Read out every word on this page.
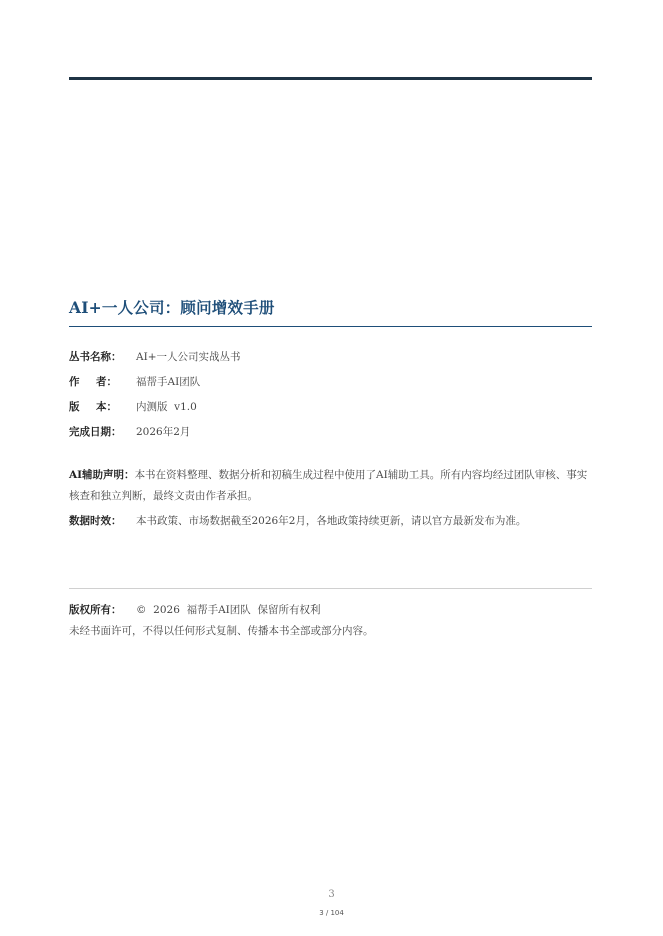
AI+一人公司：顾问增效手册
丛书名称：	AI+一人公司实战丛书
作 者： 福帮手AI团队
版 本： 内测版  v1.0
完成日期：	2026年2月
AI辅助声明：本书在资料整理、数据分析和初稿生成过程中使用了AI辅助工具。所有内容均经过团队审核、事实核查和独立判断，最终文责由作者承担。
数据时效：	本书政策、市场数据截至2026年2月，各地政策持续更新，请以官方最新发布为准。
版权所有： ©  2026  福帮手AI团队  保留所有权利
未经书面许可，不得以任何形式复制、传播本书全部或部分内容。
3
3 / 104
